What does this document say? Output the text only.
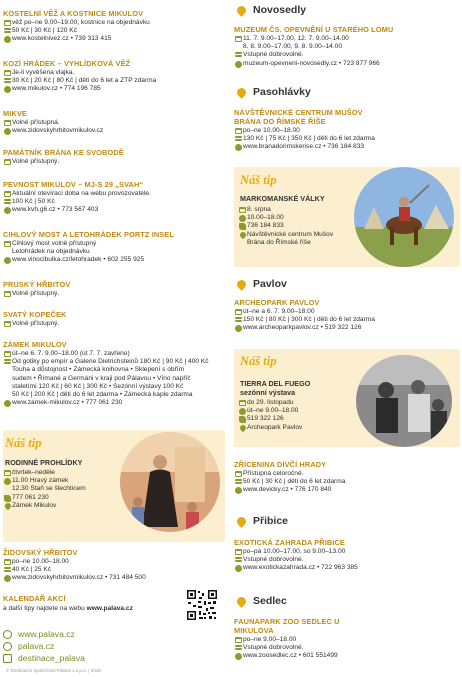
KOSTELNÍ VĚŽ A KOSTNICE MIKULOV
věž po–ne 9.00–19.00, kostnice na objednávku
50 Kč | 30 Kč | 120 Kč
www.kostelnivez.cz • 739 313 415
KOZÍ HRÁDEK – VYHLÍDKOVÁ VĚŽ
Je-li vyvěšena vlajka.
30 Kč | 20 Kč | 80 Kč | děti do 6 let a ZTP zdarma
www.mikulov.cz • 774 196 785
MIKVE
Volně přístupná.
www.zidovskyhrbitovmikulov.cz
PAMÁTNÍK BRÁNA KE SVOBODĚ
Volně přístupný.
PEVNOST MIKULOV – MJ-S 29 „SVAH“
Aktuální otevírací doba na webu provozovatele.
100 Kč | 50 Kč
www.kvh.g6.cz • 773 567 403
CIHLOVÝ MOST A LETOHRÁDEK PORTZ INSEL
Cihlový most volně přístupný
Letohrádek na objednávku
www.vinocibulka.cz/letohradek • 602 255 925
PRUSKÝ HŘBITOV
Volně přístupný.
SVATÝ KOPEČEK
Volně přístupný.
ZÁMEK MIKULOV
út–ne 6. 7. 9.00–18.00 (út 7. 7. zavřeno)
Od gotiky po empír a Galerie Dietrichsteinů 180 Kč | 90 Kč | 400 Kč
Touha a důstojnost • Zámecká knihovna • Sklepení s obřím
sudem • Římané a Germáni v kraji pod Pálavou • Víno napříč
staletími 120 Kč | 60 Kč | 300 Kč • Sezónní výstavy 100 Kč
50 Kč | 200 Kč | děti do 6 let zdarma • Zámecká kaple zdarma
www.zamek-mikulov.cz • 777 061 230
Náš tip
RODINNÉ PROHLÍDKY
čtvrtek–neděle
11.00 Hravý zámek
12.30 Staň se šlechticem
777 061 230
Zámek Mikulov
ŽIDOVSKÝ HŘBITOV
po–ne 10.00–18.00
40 Kč | 25 Kč
www.zidovskyhrbitovmikulov.cz • 731 484 500
KALENDÁŘ AKCÍ
a další tipy najdete na webu www.palava.cz
www.palava.cz
palava.cz
destinace_palava
© Destinační společnost Pálava z.s.p.o. | 2026
Novosedly
MUZEUM ČS. OPEVNĚNÍ U STARÉHO LOMU
11. 7. 9.00–17.00, 12. 7. 9.00–14.00
8. 8. 9.00–17.00, 9. 8. 9.00–14.00
Vstupné dobrovolné.
muzeum-opevneni-novosedly.cz • 723 877 966
Pasohlávky
NÁVŠTĚVNICKÉ CENTRUM MUŠOV
BRÁNA DO ŘÍMSKÉ ŘÍŠE
po–ne 10.00–18.00
130 Kč | 75 Kč | 350 Kč | děti do 6 let zdarma
www.branadorimskerise.cz • 736 184 833
Náš tip
MARKOMANSKÉ VÁLKY
8. srpna
10.00–18.00
736 184 833
Návštěvnické centrum Mušov
Brána do Římské říše
Pavlov
ARCHEOPARK PAVLOV
út–ne a 6. 7. 9.00–18.00
150 Kč | 80 Kč | 300 Kč | děti do 6 let zdarma
www.archeoparkpavlov.cz • 519 322 126
Náš tip
TIERRA DEL FUEGO
sezónní výstava
do 29. listopadu
út–ne 9.00–18.00
519 322 126
Archeopark Pavlov
ZŘÍCENINA DÍVČÍ HRADY
Přístupná celoročně.
50 Kč | 30 Kč | děti do 6 let zdarma
www.devicky.cz • 776 170 840
Přibice
EXOTICKÁ ZAHRADA PŘIBICE
po–pá 10.00–17.00, so 9.00–13.00
Vstupné dobrovolné.
www.exotickazahrada.cz • 722 963 385
Sedlec
FAUNAPARK ZOO SEDLEC U
MIKULOVA
po–ne 9.00–18.00
Vstupné dobrovolné.
www.zoosedlec.cz • 601 551499
